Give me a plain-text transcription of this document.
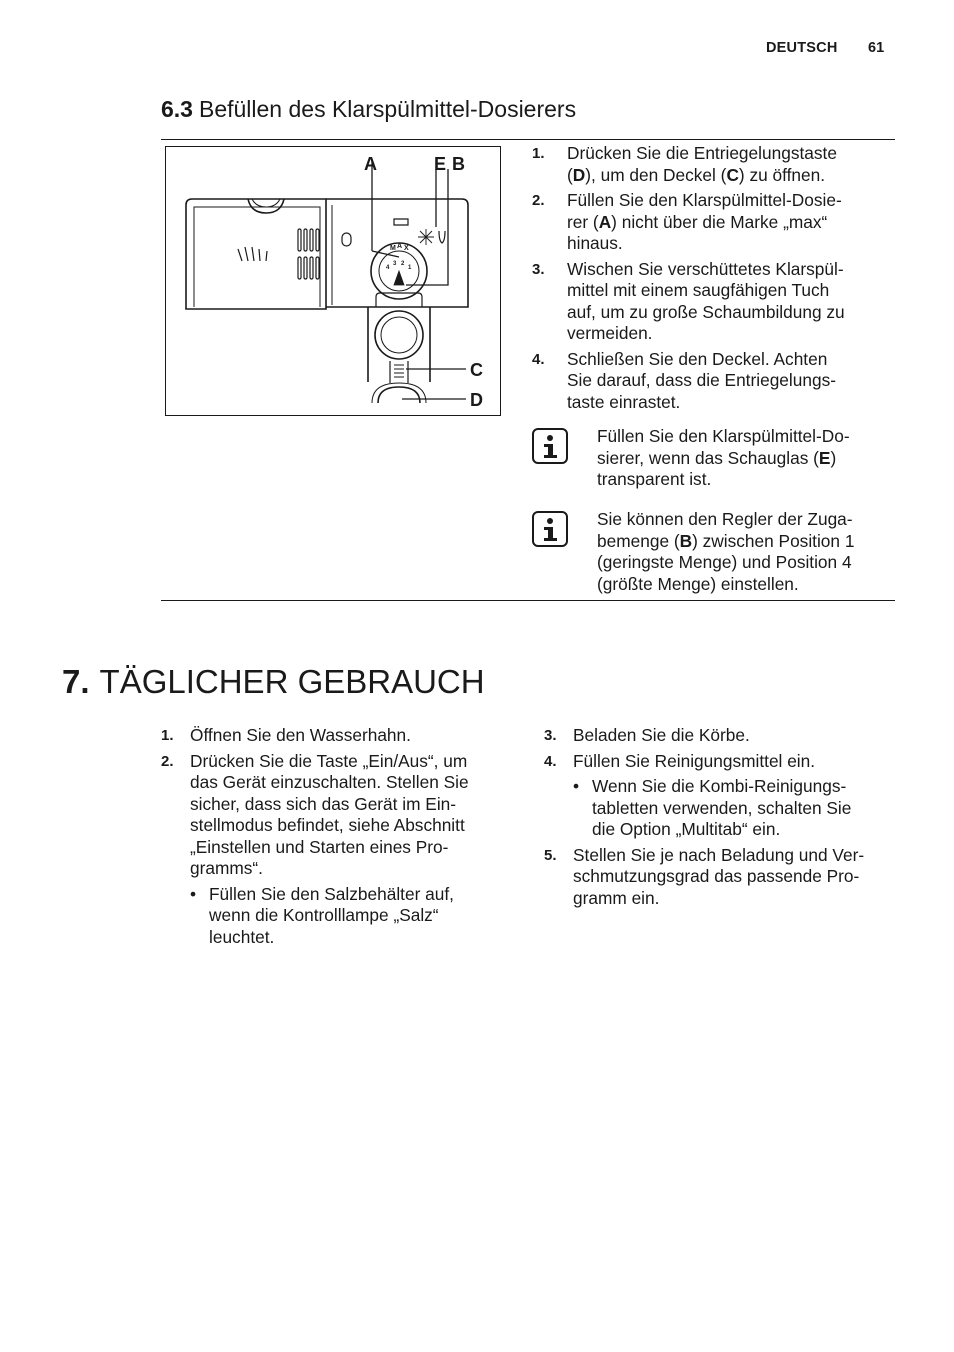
DEUTSCH 61
6.3 Befüllen des Klarspülmittel-Dosierers
M A X
4
3 2
1
A	E B
C
D
1. Drücken Sie die Entriegelungstaste
(D), um den Deckel (C) zu öffnen.
2. Füllen Sie den Klarspülmittel-Dosie-
rer (A) nicht über die Marke „max“
hinaus.
3. Wischen Sie verschüttetes Klarspül-
mittel mit einem saugfähigen Tuch
auf, um zu große Schaumbildung zu
vermeiden.
4. Schließen Sie den Deckel. Achten
Sie darauf, dass die Entriegelungs-
taste einrastet.
Füllen Sie den Klarspülmittel-Do-
sierer, wenn das Schauglas (E)
transparent ist.
Sie können den Regler der Zuga-
bemenge (B) zwischen Position 1
(geringste Menge) und Position 4
(größte Menge) einstellen.
7. TÄGLICHER GEBRAUCH
1. Öffnen Sie den Wasserhahn.
2. Drücken Sie die Taste „Ein/Aus“, um
das Gerät einzuschalten. Stellen Sie
sicher, dass sich das Gerät im Ein-
stellmodus befindet, siehe Abschnitt
„Einstellen und Starten eines Pro-
gramms“.
• Füllen Sie den Salzbehälter auf,
wenn die Kontrolllampe „Salz“
leuchtet.
3. Beladen Sie die Körbe.
4. Füllen Sie Reinigungsmittel ein.
• Wenn Sie die Kombi-Reinigungs-
tabletten verwenden, schalten Sie
die Option „Multitab“ ein.
5. Stellen Sie je nach Beladung und Ver-
schmutzungsgrad das passende Pro-
gramm ein.
